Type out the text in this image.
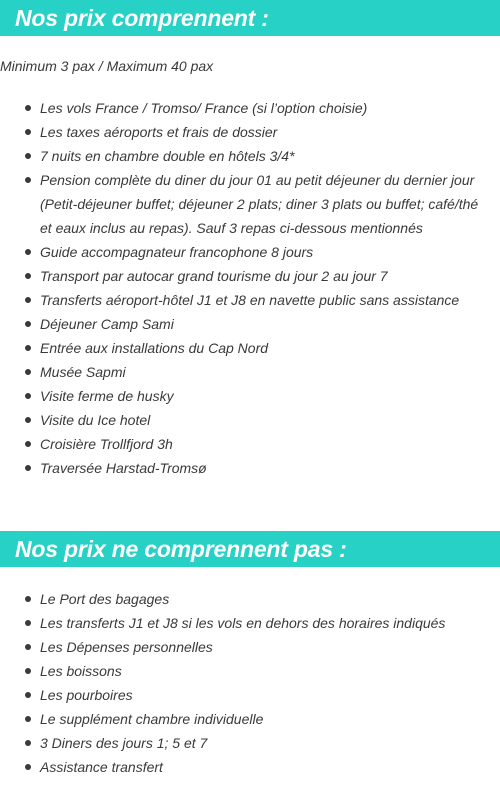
Nos prix comprennent :

Minimum 3 pax / Maximum 40 pax

Les vols France / Tromso/ France (si l’option choisie)
Les taxes aéroports et frais de dossier
7 nuits en chambre double en hôtels 3/4*
Pension complète du diner du jour 01 au petit déjeuner du dernier jour (Petit-déjeuner buffet; déjeuner 2 plats; diner 3 plats ou buffet; café/thé et eaux inclus au repas). Sauf 3 repas ci-dessous mentionnés
Guide accompagnateur francophone 8 jours
Transport par autocar grand tourisme du jour 2 au jour 7
Transferts aéroport-hôtel J1 et J8 en navette public sans assistance
Déjeuner Camp Sami
Entrée aux installations du Cap Nord
Musée Sapmi
Visite ferme de husky
Visite du Ice hotel
Croisière Trollfjord 3h
Traversée Harstad-Tromsø
Nos prix ne comprennent pas :
Le Port des bagages
Les transferts J1 et J8 si les vols en dehors des horaires indiqués
Les Dépenses personnelles
Les boissons
Les pourboires
Le supplément chambre individuelle
3 Diners des jours 1; 5 et 7
Assistance transfert
